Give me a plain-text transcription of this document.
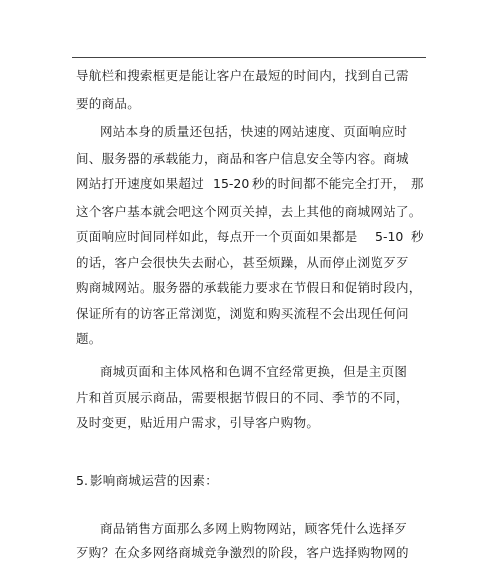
导航栏和搜索框更是能让客户在最短的时间内，找到自己需
要的商品。
网站本身的质量还包括，快速的网站速度、页面响应时
间、服务器的承载能力，商品和客户信息安全等内容。商城
网站打开速度如果超过 15-20 秒的时间都不能完全打开， 那
这个客户基本就会吧这个网页关掉，去上其他的商城网站了。
页面响应时间同样如此，每点开一个页面如果都是 5-10 秒
的话，客户会很快失去耐心，甚至烦躁，从而停止浏览歹歹
购商城网站。服务器的承载能力要求在节假日和促销时段内，
保证所有的访客正常浏览，浏览和购买流程不会出现任何问
题。
商城页面和主体风格和色调不宜经常更换，但是主页图
片和首页展示商品，需要根据节假日的不同、季节的不同，
及时变更，贴近用户需求，引导客户购物。
5. 影响商城运营的因素：
商品销售方面那么多网上购物网站，顾客凭什么选择歹
歹购？在众多网络商城竞争激烈的阶段，客户选择购物网的
